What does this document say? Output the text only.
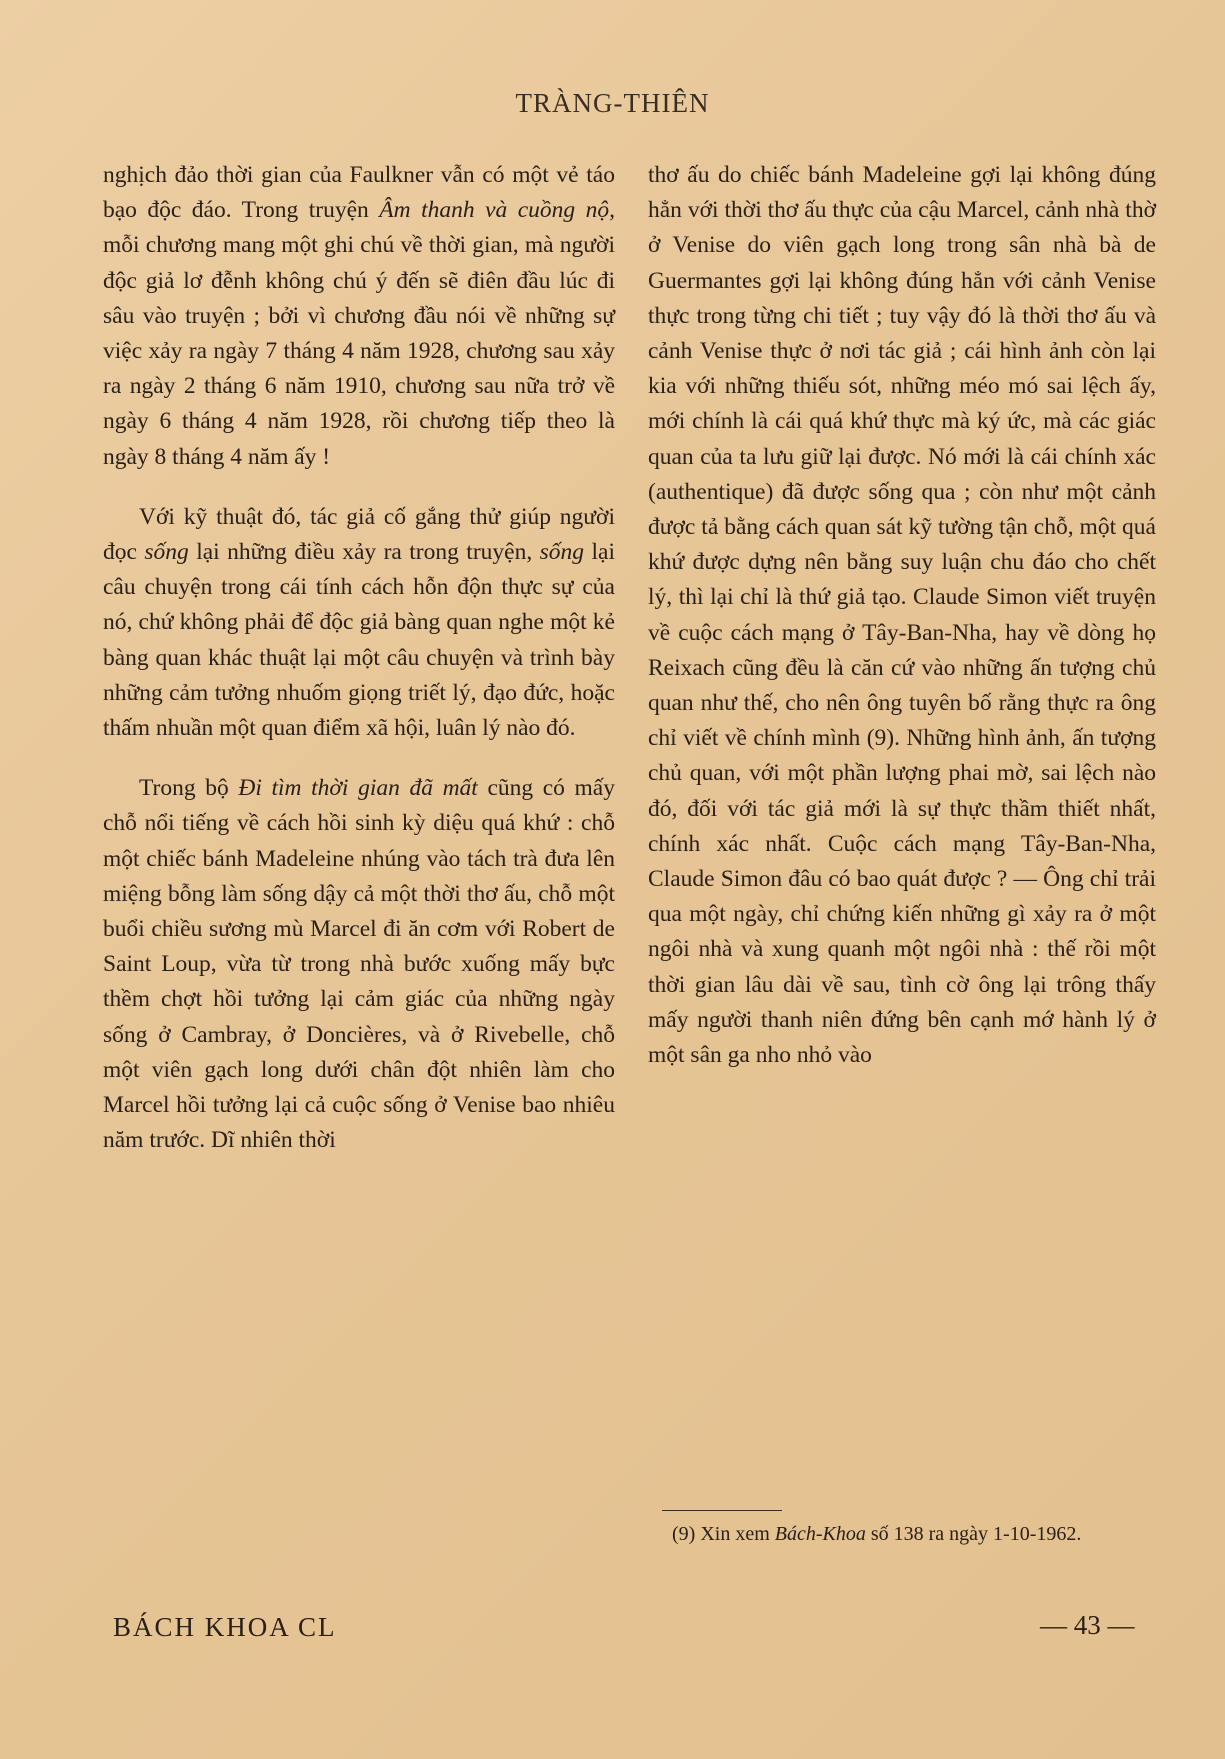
TRÀNG-THIÊN

nghịch đảo thời gian của Faulkner vẫn có một vẻ táo bạo độc đáo. Trong truyện Âm thanh và cuồng nộ, mỗi chương mang một ghi chú về thời gian, mà người độc giả lơ đễnh không chú ý đến sẽ điên đầu lúc đi sâu vào truyện ; bởi vì chương đầu nói về những sự việc xảy ra ngày 7 tháng 4 năm 1928, chương sau xảy ra ngày 2 tháng 6 năm 1910, chương sau nữa trở về ngày 6 tháng 4 năm 1928, rồi chương tiếp theo là ngày 8 tháng 4 năm ấy !

Với kỹ thuật đó, tác giả cố gắng thử giúp người đọc sống lại những điều xảy ra trong truyện, sống lại câu chuyện trong cái tính cách hỗn độn thực sự của nó, chứ không phải để độc giả bàng quan nghe một kẻ bàng quan khác thuật lại một câu chuyện và trình bày những cảm tưởng nhuốm giọng triết lý, đạo đức, hoặc thấm nhuần một quan điểm xã hội, luân lý nào đó.

Trong bộ Đi tìm thời gian đã mất cũng có mấy chỗ nổi tiếng về cách hồi sinh kỳ diệu quá khứ : chỗ một chiếc bánh Madeleine nhúng vào tách trà đưa lên miệng bỗng làm sống dậy cả một thời thơ ấu, chỗ một buổi chiều sương mù Marcel đi ăn cơm với Robert de Saint Loup, vừa từ trong nhà bước xuống mấy bực thềm chợt hồi tưởng lại cảm giác của những ngày sống ở Cambray, ở Doncières, và ở Rivebelle, chỗ một viên gạch long dưới chân đột nhiên làm cho Marcel hồi tưởng lại cả cuộc sống ở Venise bao nhiêu năm trước. Dĩ nhiên thời

thơ ấu do chiếc bánh Madeleine gợi lại không đúng hẳn với thời thơ ấu thực của cậu Marcel, cảnh nhà thờ ở Venise do viên gạch long trong sân nhà bà de Guermantes gợi lại không đúng hẳn với cảnh Venise thực trong từng chi tiết ; tuy vậy đó là thời thơ ấu và cảnh Venise thực ở nơi tác giả ; cái hình ảnh còn lại kia với những thiếu sót, những méo mó sai lệch ấy, mới chính là cái quá khứ thực mà ký ức, mà các giác quan của ta lưu giữ lại được. Nó mới là cái chính xác (authentique) đã được sống qua ; còn như một cảnh được tả bằng cách quan sát kỹ tường tận chỗ, một quá khứ được dựng nên bằng suy luận chu đáo cho chết lý, thì lại chỉ là thứ giả tạo. Claude Simon viết truyện về cuộc cách mạng ở Tây-Ban-Nha, hay về dòng họ Reixach cũng đều là căn cứ vào những ấn tượng chủ quan như thế, cho nên ông tuyên bố rằng thực ra ông chỉ viết về chính mình (9). Những hình ảnh, ấn tượng chủ quan, với một phần lượng phai mờ, sai lệch nào đó, đối với tác giả mới là sự thực thầm thiết nhất, chính xác nhất. Cuộc cách mạng Tây-Ban-Nha, Claude Simon đâu có bao quát được ? — Ông chỉ trải qua một ngày, chỉ chứng kiến những gì xảy ra ở một ngôi nhà và xung quanh một ngôi nhà : thế rồi một thời gian lâu dài về sau, tình cờ ông lại trông thấy mấy người thanh niên đứng bên cạnh mớ hành lý ở một sân ga nho nhỏ vào

(9) Xin xem Bách-Khoa số 138 ra ngày 1-10-1962.

BÁCH KHOA CL	— 43 —
